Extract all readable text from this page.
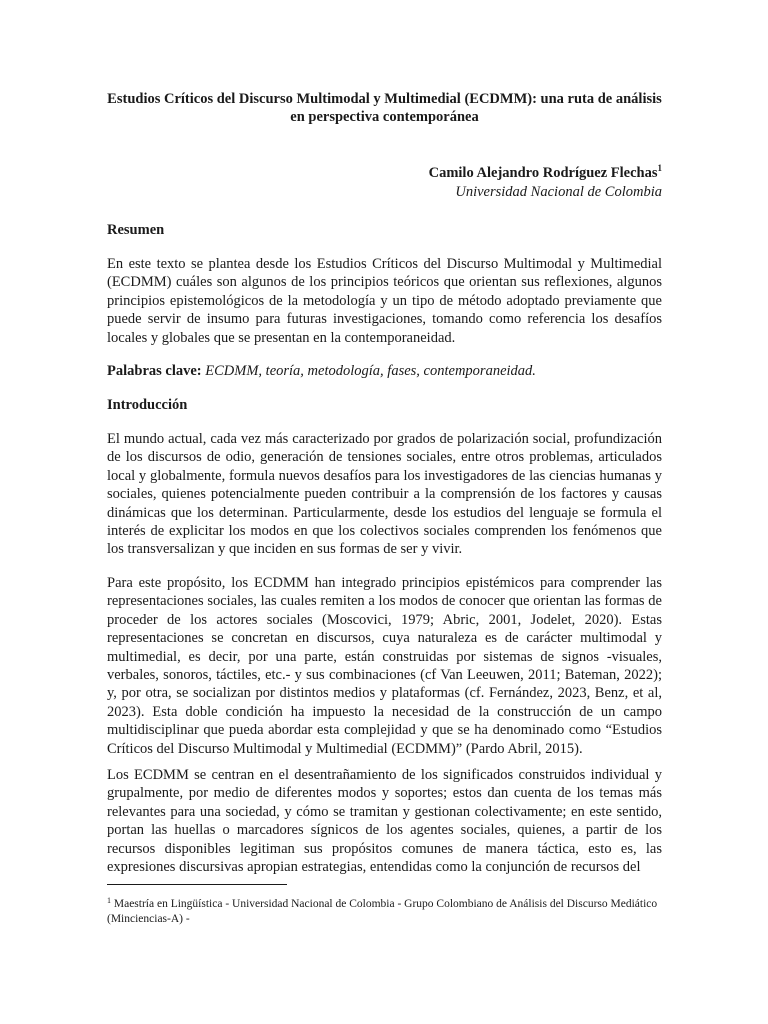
Estudios Críticos del Discurso Multimodal y Multimedial (ECDMM): una ruta de análisis en perspectiva contemporánea
Camilo Alejandro Rodríguez Flechas$^1$
Universidad Nacional de Colombia
Resumen

En este texto se plantea desde los Estudios Críticos del Discurso Multimodal y Multimedial (ECDMM) cuáles son algunos de los principios teóricos que orientan sus reflexiones, algunos principios epistemológicos de la metodología y un tipo de método adoptado previamente que puede servir de insumo para futuras investigaciones, tomando como referencia los desafíos locales y globales que se presentan en la contemporaneidad.

Palabras clave: ECDMM, teoría, metodología, fases, contemporaneidad.
Introducción

El mundo actual, cada vez más caracterizado por grados de polarización social, profundización de los discursos de odio, generación de tensiones sociales, entre otros problemas, articulados local y globalmente, formula nuevos desafíos para los investigadores de las ciencias humanas y sociales, quienes potencialmente pueden contribuir a la comprensión de los factores y causas dinámicas que los determinan. Particularmente, desde los estudios del lenguaje se formula el interés de explicitar los modos en que los colectivos sociales comprenden los fenómenos que los transversalizan y que inciden en sus formas de ser y vivir.

Para este propósito, los ECDMM han integrado principios epistémicos para comprender las representaciones sociales, las cuales remiten a los modos de conocer que orientan las formas de proceder de los actores sociales (Moscovici, 1979; Abric, 2001, Jodelet, 2020). Estas representaciones se concretan en discursos, cuya naturaleza es de carácter multimodal y multimedial, es decir, por una parte, están construidas por sistemas de signos -visuales, verbales, sonoros, táctiles, etc.- y sus combinaciones (cf Van Leeuwen, 2011; Bateman, 2022); y, por otra, se socializan por distintos medios y plataformas (cf. Fernández, 2023, Benz, et al, 2023). Esta doble condición ha impuesto la necesidad de la construcción de un campo multidisciplinar que pueda abordar esta complejidad y que se ha denominado como “Estudios Críticos del Discurso Multimodal y Multimedial (ECDMM)” (Pardo Abril, 2015).

Los ECDMM se centran en el desentrañamiento de los significados construidos individual y grupalmente, por medio de diferentes modos y soportes; estos dan cuenta de los temas más relevantes para una sociedad, y cómo se tramitan y gestionan colectivamente; en este sentido, portan las huellas o marcadores sígnicos de los agentes sociales, quienes, a partir de los recursos disponibles legitiman sus propósitos comunes de manera táctica, esto es, las expresiones discursivas apropian estrategias, entendidas como la conjunción de recursos del

$^1$ Maestría en Lingüística - Universidad Nacional de Colombia - Grupo Colombiano de Análisis del Discurso Mediático (Minciencias-A) -
